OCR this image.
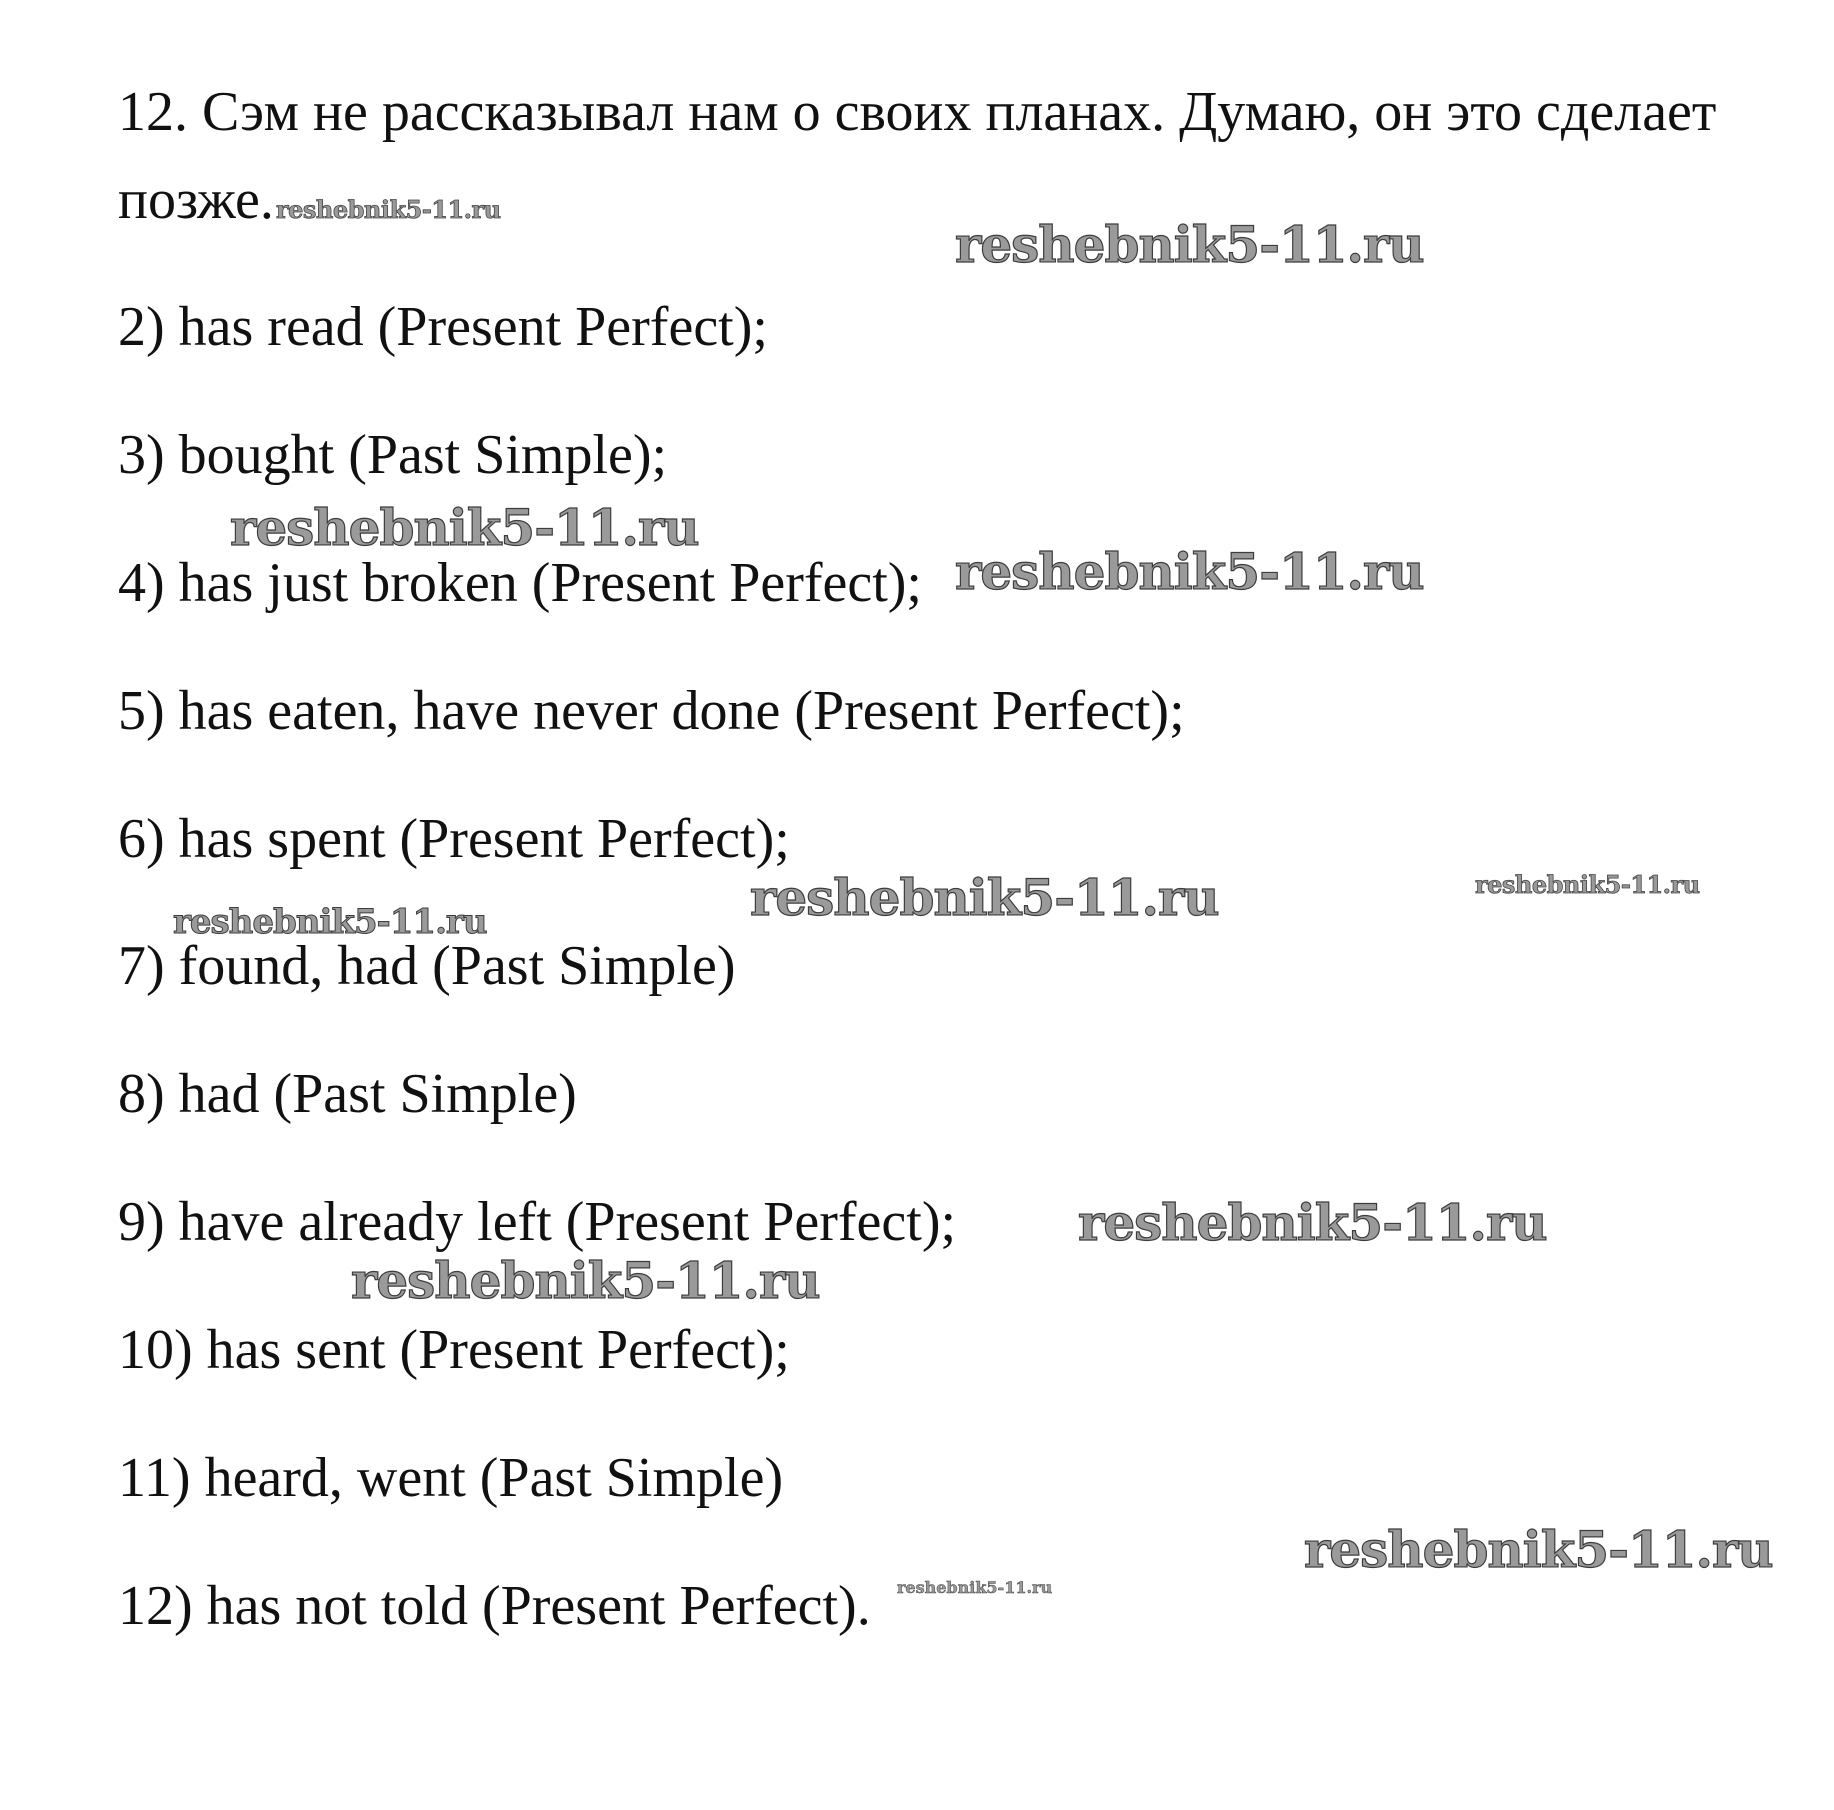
12. Сэм не рассказывал нам о своих планах. Думаю, он это сделает
позже.
2) has read (Present Perfect);
3) bought (Past Simple);
4) has just broken (Present Perfect);
5) has eaten, have never done (Present Perfect);
6) has spent (Present Perfect);
7) found, had (Past Simple)
8) had (Past Simple)
9) have already left (Present Perfect);
10) has sent (Present Perfect);
11) heard, went (Past Simple)
12) has not told (Present Perfect).
reshebnik5-11.ru
reshebnik5-11.ru
reshebnik5-11.ru
reshebnik5-11.ru
reshebnik5-11.ru	reshebnik5-11.ru
reshebnik5-11.ru
reshebnik5-11.ru
reshebnik5-11.ru
reshebnik5-11.ru
reshebnik5-11.ru
